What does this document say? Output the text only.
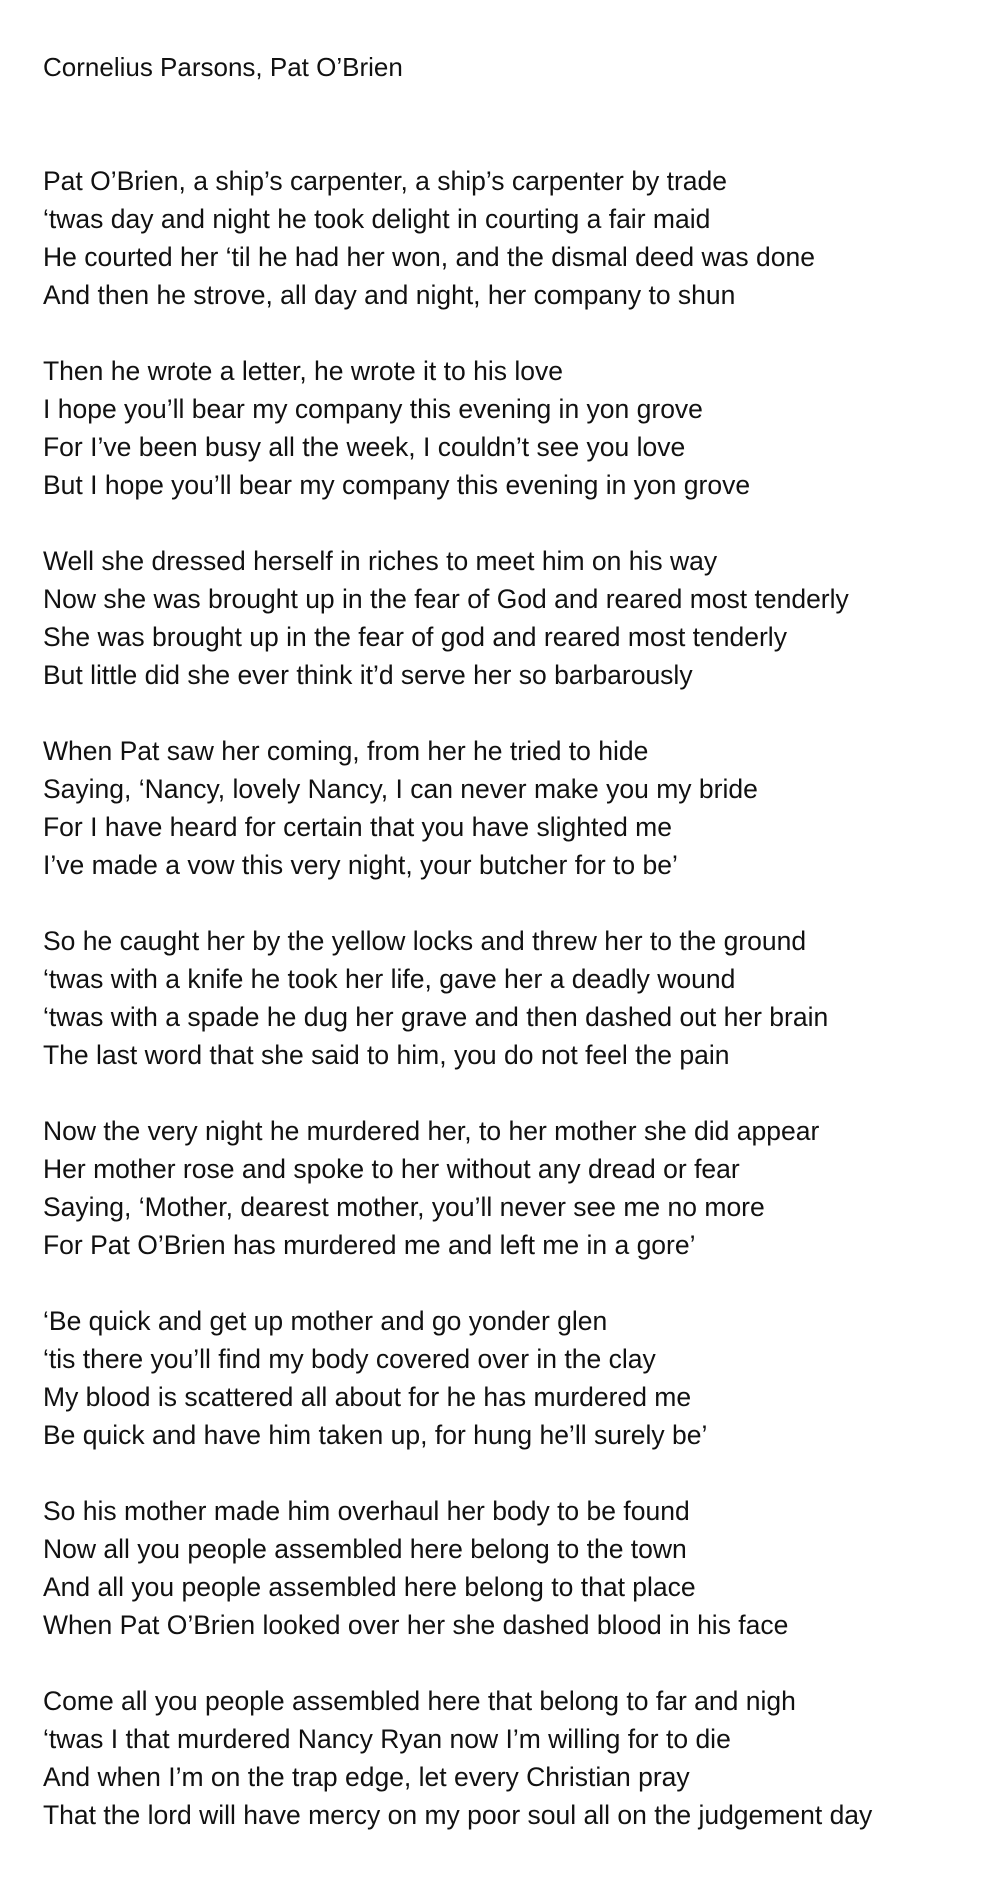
Cornelius Parsons, Pat O’Brien
Pat O’Brien, a ship’s carpenter, a ship’s carpenter by trade
‘twas day and night he took delight in courting a fair maid
He courted her ‘til he had her won, and the dismal deed was done
And then he strove, all day and night, her company to shun
Then he wrote a letter, he wrote it to his love
I hope you’ll bear my company this evening in yon grove
For I’ve been busy all the week, I couldn’t see you love
But I hope you’ll bear my company this evening in yon grove
Well she dressed herself in riches to meet him on his way
Now she was brought up in the fear of God and reared most tenderly
She was brought up in the fear of god and reared most tenderly
But little did she ever think it’d serve her so barbarously
When Pat saw her coming, from her he tried to hide
Saying, ‘Nancy, lovely Nancy, I can never make you my bride
For I have heard for certain that you have slighted me
I’ve made a vow this very night, your butcher for to be’
So he caught her by the yellow locks and threw her to the ground
‘twas with a knife he took her life, gave her a deadly wound
‘twas with a spade he dug her grave and then dashed out her brain
The last word that she said to him, you do not feel the pain
Now the very night he murdered her, to her mother she did appear
Her mother rose and spoke to her without any dread or fear
Saying, ‘Mother, dearest mother, you’ll never see me no more
For Pat O’Brien has murdered me and left me in a gore’
‘Be quick and get up mother and go yonder glen
‘tis there you’ll find my body covered over in the clay
My blood is scattered all about for he has murdered me
Be quick and have him taken up, for hung he’ll surely be’
So his mother made him overhaul her body to be found
Now all you people assembled here belong to the town
And all you people assembled here belong to that place
When Pat O’Brien looked over her she dashed blood in his face
Come all you people assembled here that belong to far and nigh
‘twas I that murdered Nancy Ryan now I’m willing for to die
And when I’m on the trap edge, let every Christian pray
That the lord will have mercy on my poor soul all on the judgement day
